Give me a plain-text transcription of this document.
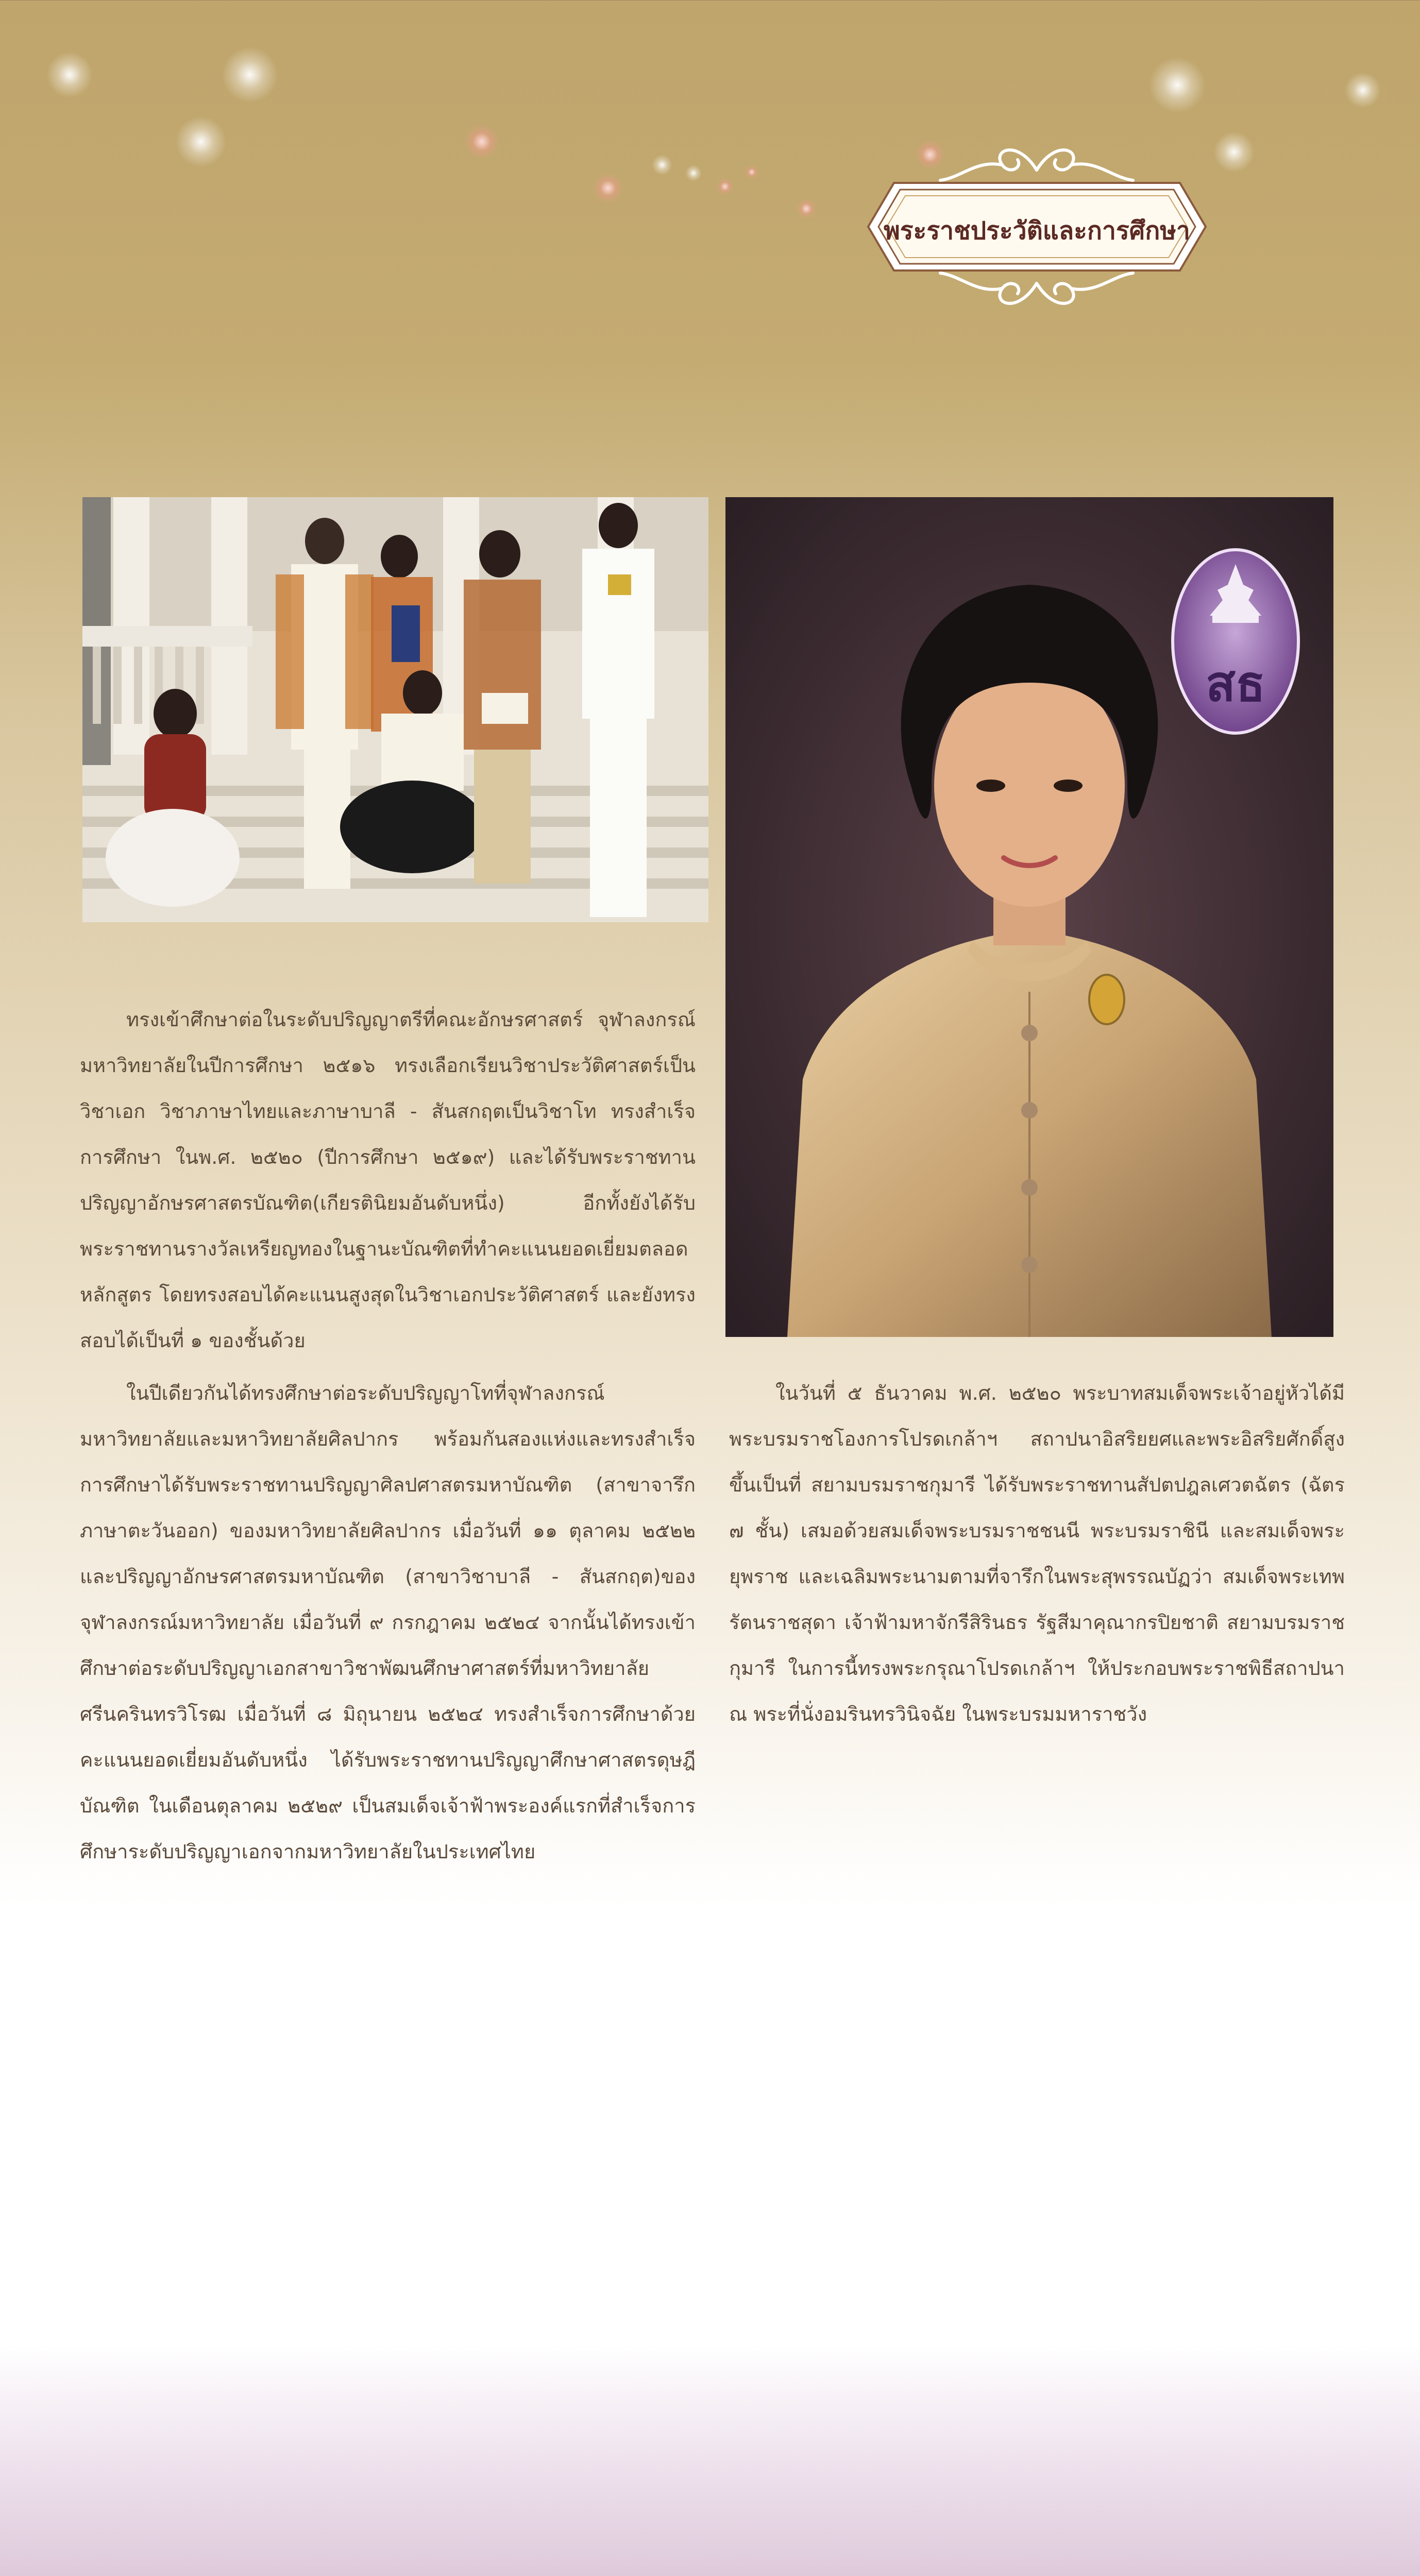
พระราชประวัติและการศึกษา
สธ

ทรงเข้าศึกษาต่อในระดับปริญญาตรีที่คณะอักษรศาสตร์ จุฬาลงกรณ์มหาวิทยาลัยในปีการศึกษา ๒๕๑๖ ทรงเลือกเรียนวิชาประวัติศาสตร์เป็นวิชาเอก วิชาภาษาไทยและภาษาบาลี - สันสกฤตเป็นวิชาโท ทรงสำเร็จการศึกษา ในพ.ศ. ๒๕๒๐ (ปีการศึกษา ๒๕๑๙) และได้รับพระราชทานปริญญาอักษรศาสตรบัณฑิต(เกียรตินิยมอันดับหนึ่ง) อีกทั้งยังได้รับพระราชทานรางวัลเหรียญทองในฐานะบัณฑิตที่ทำคะแนนยอดเยี่ยมตลอดหลักสูตร โดยทรงสอบได้คะแนนสูงสุดในวิชาเอกประวัติศาสตร์ และยังทรงสอบได้เป็นที่ ๑ ของชั้นด้วย

ในปีเดียวกันได้ทรงศึกษาต่อระดับปริญญาโทที่จุฬาลงกรณ์มหาวิทยาลัยและมหาวิทยาลัยศิลปากร พร้อมกันสองแห่งและทรงสำเร็จการศึกษาได้รับพระราชทานปริญญาศิลปศาสตรมหาบัณฑิต (สาขาจารึกภาษาตะวันออก) ของมหาวิทยาลัยศิลปากร เมื่อวันที่ ๑๑ ตุลาคม ๒๕๒๒ และปริญญาอักษรศาสตรมหาบัณฑิต (สาขาวิชาบาลี - สันสกฤต)ของจุฬาลงกรณ์มหาวิทยาลัย เมื่อวันที่ ๙ กรกฎาคม ๒๕๒๔ จากนั้นได้ทรงเข้าศึกษาต่อระดับปริญญาเอกสาขาวิชาพัฒนศึกษาศาสตร์ที่มหาวิทยาลัยศรีนครินทรวิโรฒ เมื่อวันที่ ๘ มิถุนายน ๒๕๒๔ ทรงสำเร็จการศึกษาด้วยคะแนนยอดเยี่ยมอันดับหนึ่ง ได้รับพระราชทานปริญญาศึกษาศาสตรดุษฎีบัณฑิต ในเดือนตุลาคม ๒๕๒๙ เป็นสมเด็จเจ้าฟ้าพระองค์แรกที่สำเร็จการศึกษาระดับปริญญาเอกจากมหาวิทยาลัยในประเทศไทย

ในวันที่ ๕ ธันวาคม พ.ศ. ๒๕๒๐ พระบาทสมเด็จพระเจ้าอยู่หัวได้มีพระบรมราชโองการโปรดเกล้าฯ สถาปนาอิสริยยศและพระอิสริยศักดิ์สูงขึ้นเป็นที่ สยามบรมราชกุมารี ได้รับพระราชทานสัปตปฎลเศวตฉัตร (ฉัตร ๗ ชั้น) เสมอด้วยสมเด็จพระบรมราชชนนี พระบรมราชินี และสมเด็จพระยุพราช และเฉลิมพระนามตามที่จารึกในพระสุพรรณบัฏว่า สมเด็จพระเทพรัตนราชสุดา เจ้าฟ้ามหาจักรีสิรินธร รัฐสีมาคุณากรปิยชาติ สยามบรมราชกุมารี ในการนี้ทรงพระกรุณาโปรดเกล้าฯ ให้ประกอบพระราชพิธีสถาปนา ณ พระที่นั่งอมรินทรวินิจฉัย ในพระบรมมหาราชวัง
